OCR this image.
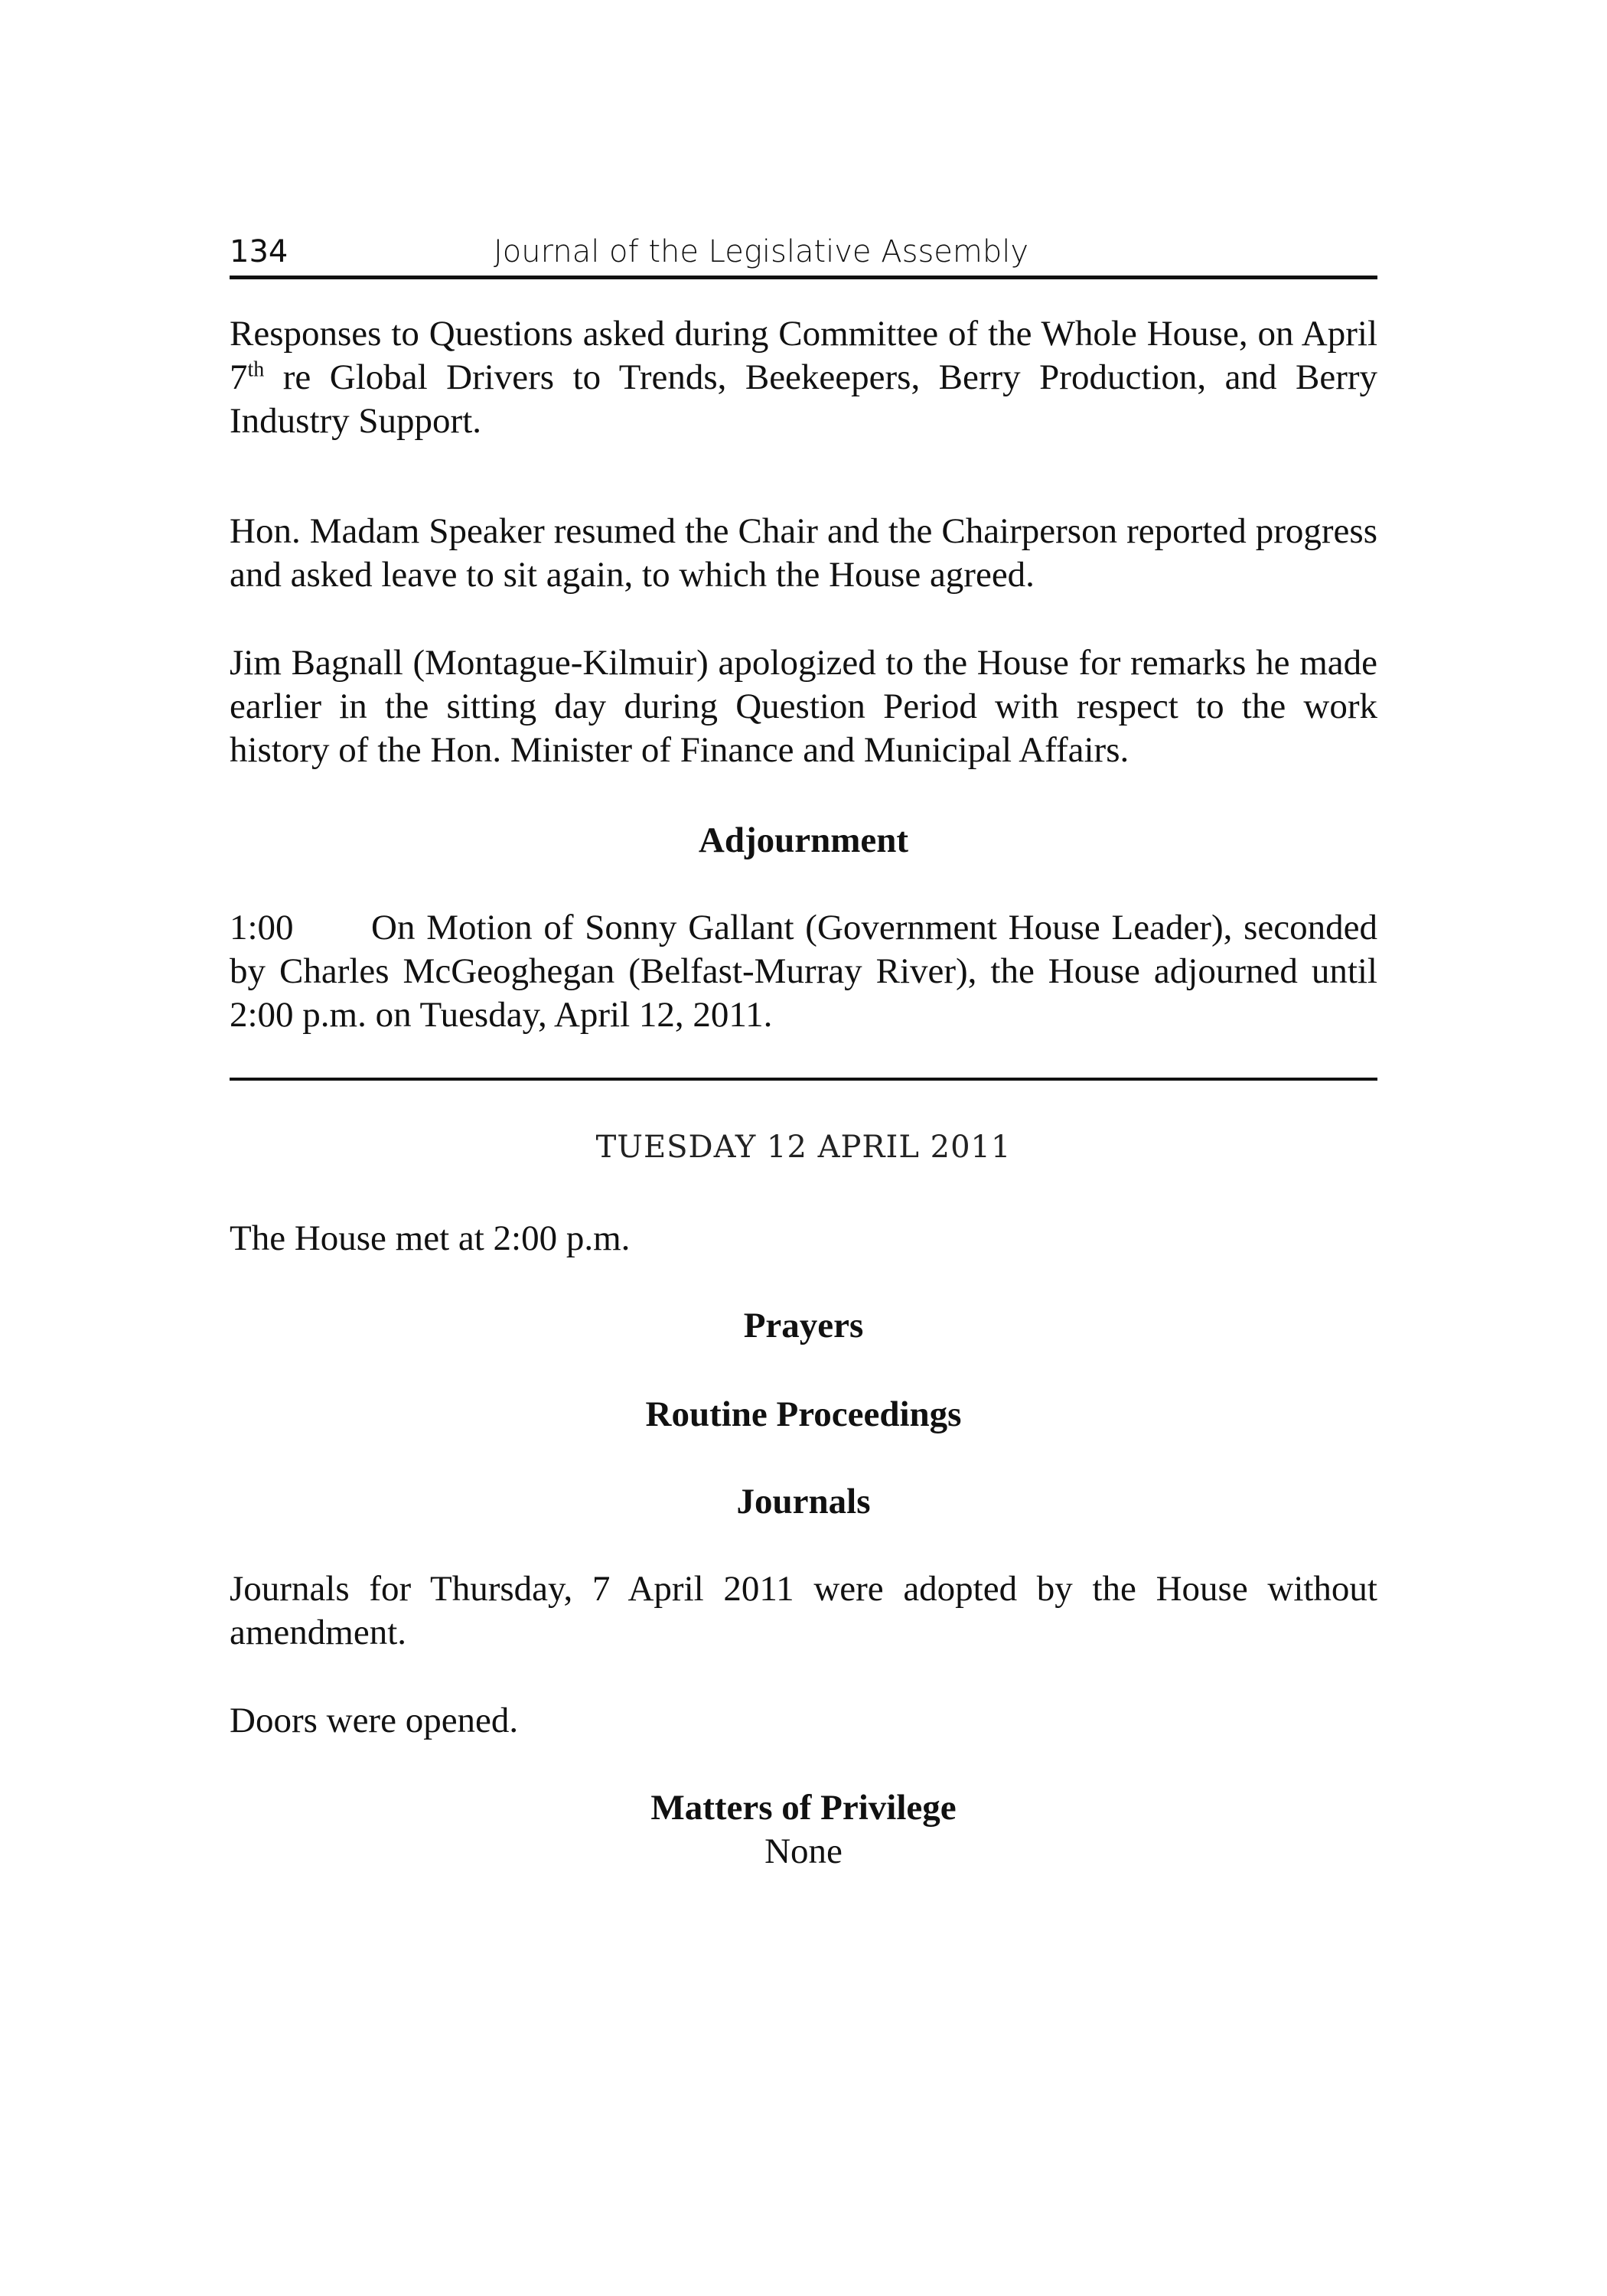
134	Journal of the Legislative Assembly

Responses to Questions asked during Committee of the Whole House, on April 7th re Global Drivers to Trends, Beekeepers, Berry Production, and Berry Industry Support.

Hon. Madam Speaker resumed the Chair and the Chairperson reported progress and asked leave to sit again, to which the House agreed.

Jim Bagnall (Montague-Kilmuir) apologized to the House for remarks he made earlier in the sitting day during Question Period with respect to the work history of the Hon. Minister of Finance and Municipal Affairs.

Adjournment

1:00 On Motion of Sonny Gallant (Government House Leader), seconded by Charles McGeoghegan (Belfast-Murray River), the House adjourned until 2:00 p.m. on Tuesday, April 12, 2011.

TUESDAY 12 APRIL 2011

The House met at 2:00 p.m.

Prayers
Routine Proceedings
Journals

Journals for Thursday, 7 April 2011 were adopted by the House without amendment.

Doors were opened.

Matters of Privilege
None
